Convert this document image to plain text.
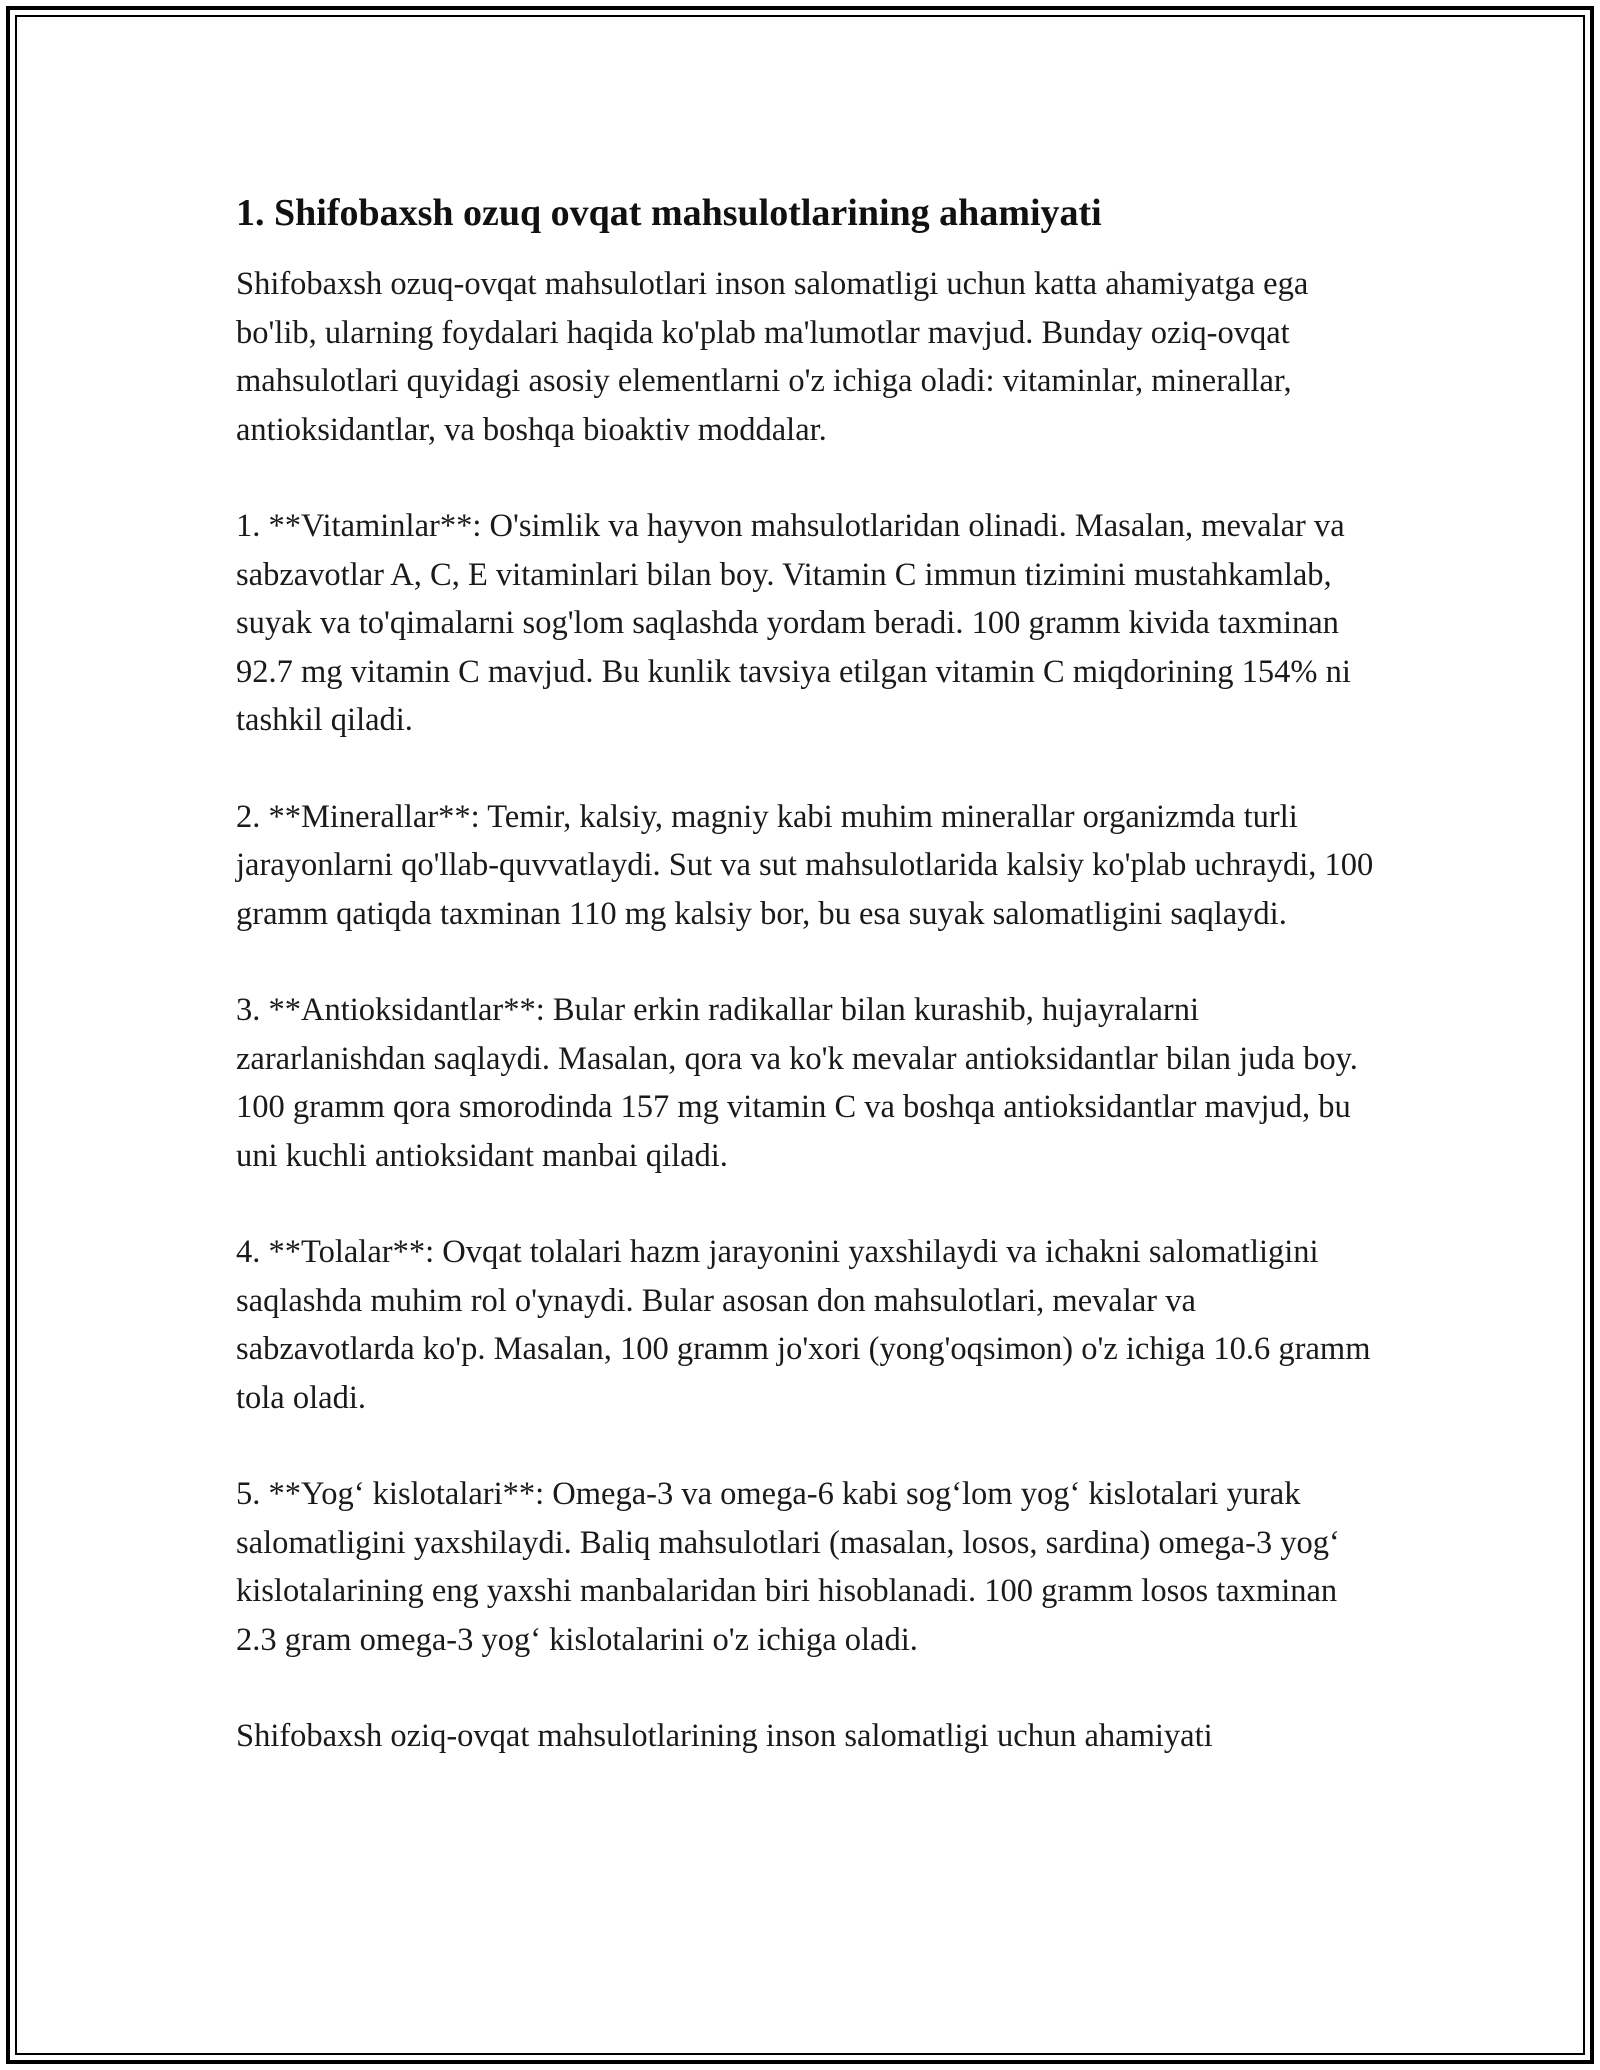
1. Shifobaxsh ozuq ovqat mahsulotlarining ahamiyati

Shifobaxsh ozuq-ovqat mahsulotlari inson salomatligi uchun katta ahamiyatga ega bo'lib, ularning foydalari haqida ko'plab ma'lumotlar mavjud. Bunday oziq-ovqat mahsulotlari quyidagi asosiy elementlarni o'z ichiga oladi: vitaminlar, minerallar, antioksidantlar, va boshqa bioaktiv moddalar.

1. **Vitaminlar**: O'simlik va hayvon mahsulotlaridan olinadi. Masalan, mevalar va sabzavotlar A, C, E vitaminlari bilan boy. Vitamin C immun tizimini mustahkamlab, suyak va to'qimalarni sog'lom saqlashda yordam beradi. 100 gramm kivida taxminan 92.7 mg vitamin C mavjud. Bu kunlik tavsiya etilgan vitamin C miqdorining 154% ni tashkil qiladi.

2. **Minerallar**: Temir, kalsiy, magniy kabi muhim minerallar organizmda turli jarayonlarni qo'llab-quvvatlaydi. Sut va sut mahsulotlarida kalsiy ko'plab uchraydi, 100 gramm qatiqda taxminan 110 mg kalsiy bor, bu esa suyak salomatligini saqlaydi.

3. **Antioksidantlar**: Bular erkin radikallar bilan kurashib, hujayralarni zararlanishdan saqlaydi. Masalan, qora va ko'k mevalar antioksidantlar bilan juda boy. 100 gramm qora smorodinda 157 mg vitamin C va boshqa antioksidantlar mavjud, bu uni kuchli antioksidant manbai qiladi.

4. **Tolalar**: Ovqat tolalari hazm jarayonini yaxshilaydi va ichakni salomatligini saqlashda muhim rol o'ynaydi. Bular asosan don mahsulotlari, mevalar va sabzavotlarda ko'p. Masalan, 100 gramm jo'xori (yong'oqsimon) o'z ichiga 10.6 gramm tola oladi.

5. **Yog‘ kislotalari**: Omega-3 va omega-6 kabi sog‘lom yog‘ kislotalari yurak salomatligini yaxshilaydi. Baliq mahsulotlari (masalan, losos, sardina) omega-3 yog‘ kislotalarining eng yaxshi manbalaridan biri hisoblanadi. 100 gramm losos taxminan 2.3 gram omega-3 yog‘ kislotalarini o'z ichiga oladi.

Shifobaxsh oziq-ovqat mahsulotlarining inson salomatligi uchun ahamiyati
